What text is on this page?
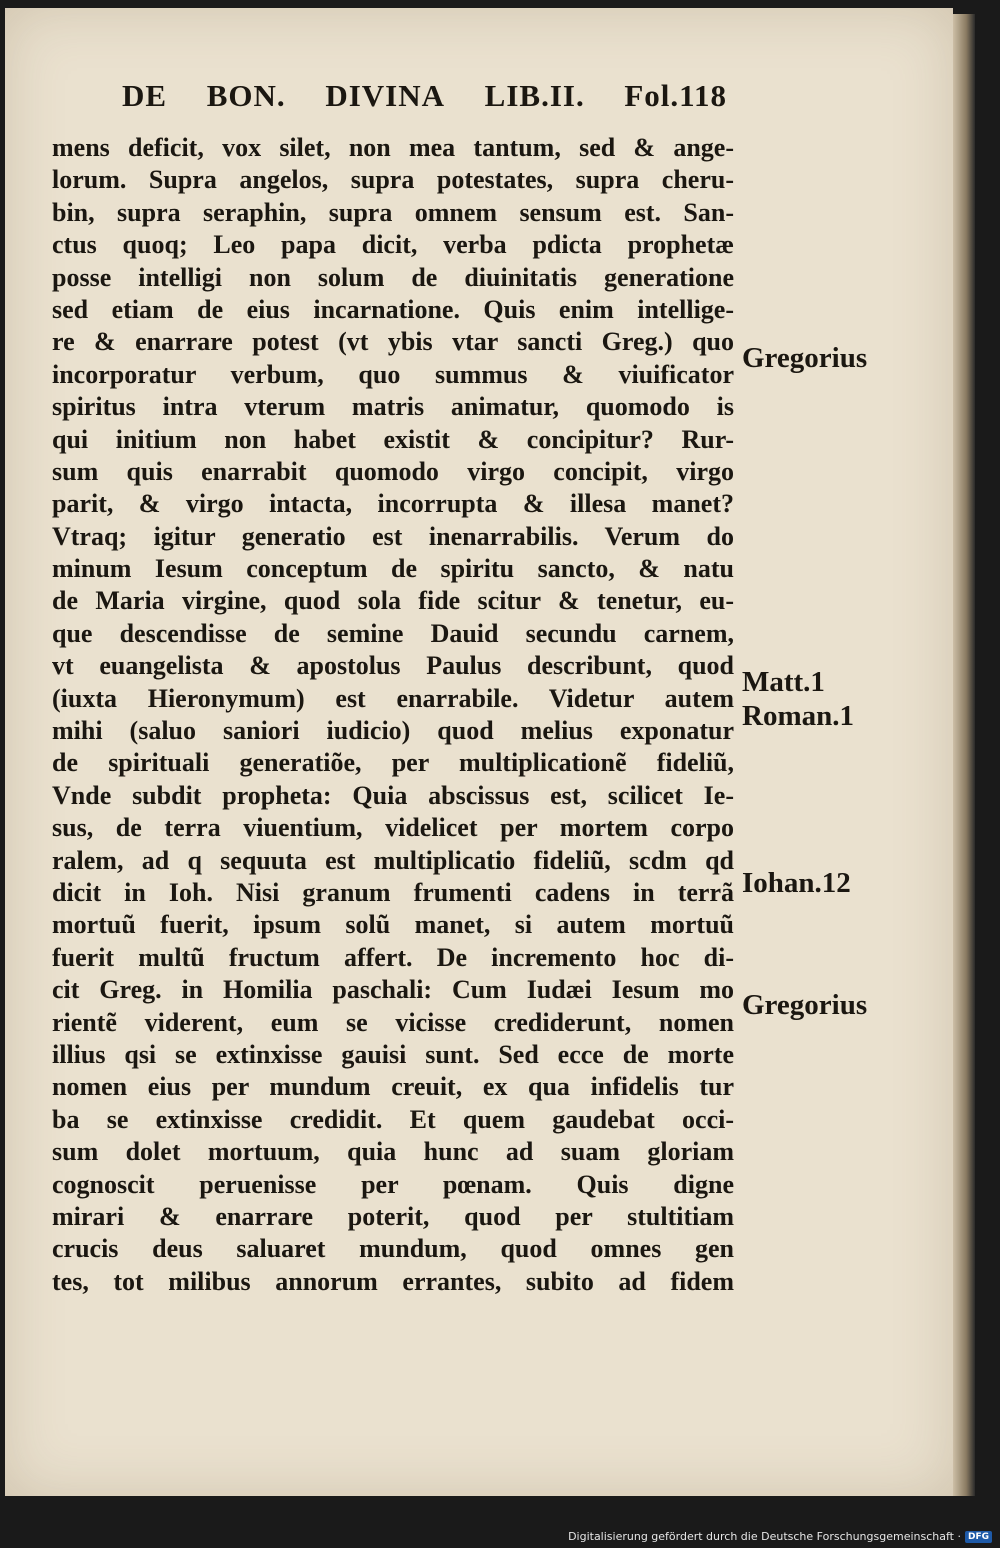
DE BON. DIVINA LIB.II. Fol.118
mens deficit, vox silet, non mea tantum, sed & ange-
lorum. Supra angelos, supra potestates, supra cheru-
bin, supra seraphin, supra omnem sensum est. San-
ctus quoq; Leo papa dicit, verba pdicta prophetæ
posse intelligi non solum de diuinitatis generatione
sed etiam de eius incarnatione. Quis enim intellige-
re & enarrare potest (vt ybis vtar sancti Greg.) quo
incorporatur verbum, quo summus & viuificator
spiritus intra vterum matris animatur, quomodo is
qui initium non habet existit & concipitur? Rur-
sum quis enarrabit quomodo virgo concipit, virgo
parit, & virgo intacta, incorrupta & illesa manet?
Vtraq; igitur generatio est inenarrabilis. Verum do
minum Iesum conceptum de spiritu sancto, & natu
de Maria virgine, quod sola fide scitur & tenetur, eu-
que descendisse de semine Dauid secundu carnem,
vt euangelista & apostolus Paulus describunt, quod
(iuxta Hieronymum) est enarrabile. Videtur autem
mihi (saluo saniori iudicio) quod melius exponatur
de spirituali generatiõe, per multiplicationẽ fideliũ,
Vnde subdit propheta: Quia abscissus est, scilicet Ie-
sus, de terra viuentium, videlicet per mortem corpo
ralem, ad q sequuta est multiplicatio fideliũ, scdm qd
dicit in Ioh. Nisi granum frumenti cadens in terrã
mortuũ fuerit, ipsum solũ manet, si autem mortuũ
fuerit multũ fructum affert. De incremento hoc di-
cit Greg. in Homilia paschali: Cum Iudæi Iesum mo
rientẽ viderent, eum se vicisse crediderunt, nomen
illius qsi se extinxisse gauisi sunt. Sed ecce de morte
nomen eius per mundum creuit, ex qua infidelis tur
ba se extinxisse credidit. Et quem gaudebat occi-
sum dolet mortuum, quia hunc ad suam gloriam
cognoscit peruenisse per pœnam. Quis digne
mirari & enarrare poterit, quod per stultitiam
crucis deus saluaret mundum, quod omnes gen
tes, tot milibus annorum errantes, subito ad fidem
Gregorius
Matt.1
Roman.1
Iohan.12
Gregorius
Digitalisierung gefördert durch die Deutsche Forschungsgemeinschaft · DFG
